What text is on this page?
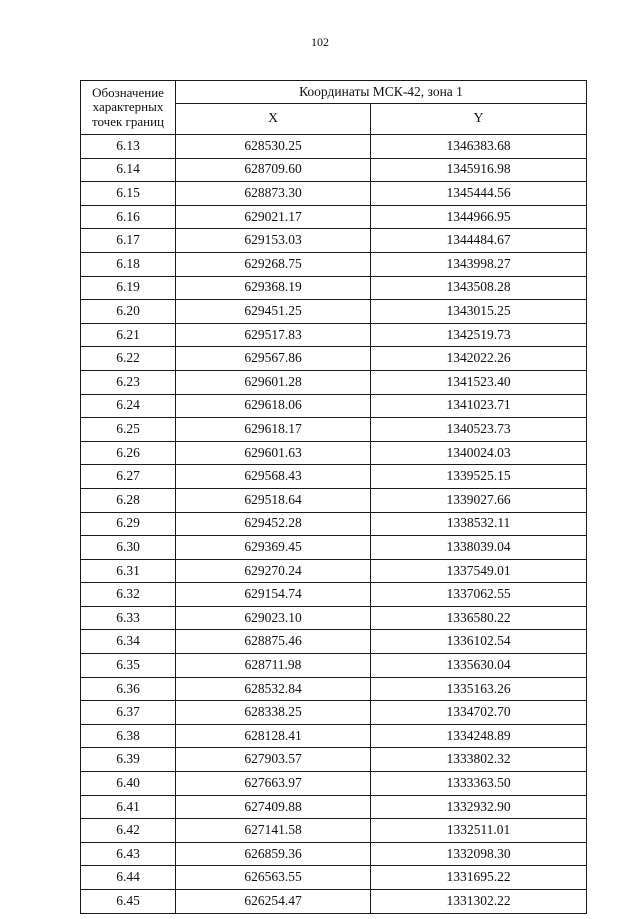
102
Обозначение характерных точек границ	Координаты МСК-42, зона 1	
	X	Y
6.13	628530.25	1346383.68
6.14	628709.60	1345916.98
6.15	628873.30	1345444.56
6.16	629021.17	1344966.95
6.17	629153.03	1344484.67
6.18	629268.75	1343998.27
6.19	629368.19	1343508.28
6.20	629451.25	1343015.25
6.21	629517.83	1342519.73
6.22	629567.86	1342022.26
6.23	629601.28	1341523.40
6.24	629618.06	1341023.71
6.25	629618.17	1340523.73
6.26	629601.63	1340024.03
6.27	629568.43	1339525.15
6.28	629518.64	1339027.66
6.29	629452.28	1338532.11
6.30	629369.45	1338039.04
6.31	629270.24	1337549.01
6.32	629154.74	1337062.55
6.33	629023.10	1336580.22
6.34	628875.46	1336102.54
6.35	628711.98	1335630.04
6.36	628532.84	1335163.26
6.37	628338.25	1334702.70
6.38	628128.41	1334248.89
6.39	627903.57	1333802.32
6.40	627663.97	1333363.50
6.41	627409.88	1332932.90
6.42	627141.58	1332511.01
6.43	626859.36	1332098.30
6.44	626563.55	1331695.22
6.45	626254.47	1331302.22
